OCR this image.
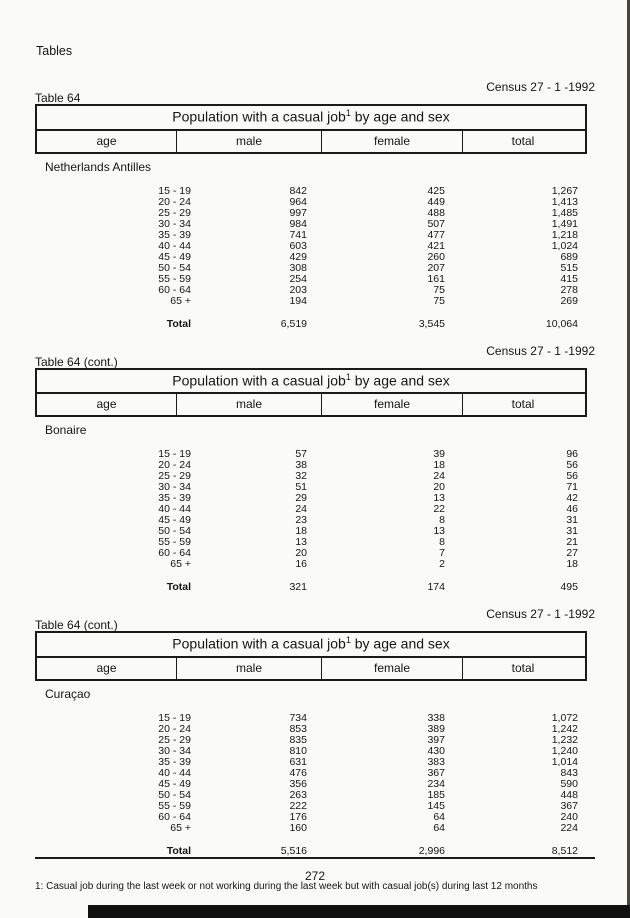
Tables
Census 27 - 1 -1992
Table 64
Population with a casual job$^1$ by age and sex
age	male	female	total
Netherlands Antilles
15 - 19	842	425	1,267
20 - 24	964	449	1,413
25 - 29	997	488	1,485
30 - 34	984	507	1,491
35 - 39	741	477	1,218
40 - 44	603	421	1,024
45 - 49	429	260	689
50 - 54	308	207	515
55 - 59	254	161	415
60 - 64	203	75	278
65 +	194	75	269
Total	6,519	3,545	10,064
Census 27 - 1 -1992
Table 64 (cont.)
Population with a casual job$^1$ by age and sex
age	male	female	total
Bonaire
15 - 19	57	39	96
20 - 24	38	18	56
25 - 29	32	24	56
30 - 34	51	20	71
35 - 39	29	13	42
40 - 44	24	22	46
45 - 49	23	8	31
50 - 54	18	13	31
55 - 59	13	8	21
60 - 64	20	7	27
65 +	16	2	18
Total	321	174	495
Census 27 - 1 -1992
Table 64 (cont.)
Population with a casual job$^1$ by age and sex
age	male	female	total
Curaçao
15 - 19	734	338	1,072
20 - 24	853	389	1,242
25 - 29	835	397	1,232
30 - 34	810	430	1,240
35 - 39	631	383	1,014
40 - 44	476	367	843
45 - 49	356	234	590
50 - 54	263	185	448
55 - 59	222	145	367
60 - 64	176	64	240
65 +	160	64	224
Total	5,516	2,996	8,512
1: Casual job during the last week or not working during the last week but with casual job(s) during last 12 months
272
